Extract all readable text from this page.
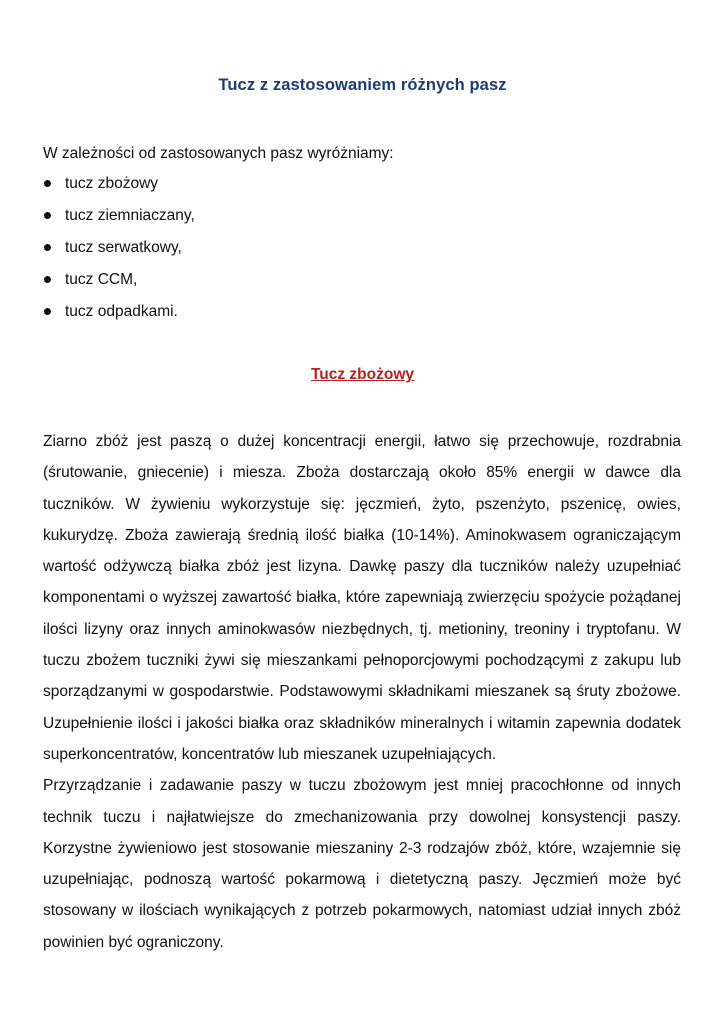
Tucz z zastosowaniem różnych pasz
W zależności od zastosowanych pasz wyróżniamy:
tucz zbożowy
tucz ziemniaczany,
tucz serwatkowy,
tucz CCM,
tucz odpadkami.
Tucz zbożowy

Ziarno zbóż jest paszą o dużej koncentracji energii, łatwo się przechowuje, rozdrabnia (śrutowanie, gniecenie) i miesza. Zboża dostarczają około 85% energii w dawce dla tuczników. W żywieniu wykorzystuje się: jęczmień, żyto, pszenżyto, pszenicę, owies, kukurydzę. Zboża zawierają średnią ilość białka (10-14%). Aminokwasem ograniczającym wartość odżywczą białka zbóż jest lizyna. Dawkę paszy dla tuczników należy uzupełniać komponentami o wyższej zawartość białka, które zapewniają zwierzęciu spożycie pożądanej ilości lizyny oraz innych aminokwasów niezbędnych, tj. metioniny, treoniny i tryptofanu. W tuczu zbożem tuczniki żywi się mieszankami pełnoporcjowymi pochodzącymi z zakupu lub sporządzanymi w gospodarstwie. Podstawowymi składnikami mieszanek są śruty zbożowe. Uzupełnienie ilości i jakości białka oraz składników mineralnych i witamin zapewnia dodatek superkoncentratów, koncentratów lub mieszanek uzupełniających.

Przyrządzanie i zadawanie paszy w tuczu zbożowym jest mniej pracochłonne od innych technik tuczu i najłatwiejsze do zmechanizowania przy dowolnej konsystencji paszy. Korzystne żywieniowo jest stosowanie mieszaniny 2-3 rodzajów zbóż, które, wzajemnie się uzupełniając, podnoszą wartość pokarmową i dietetyczną paszy. Jęczmień może być stosowany w ilościach wynikających z potrzeb pokarmowych, natomiast udział innych zbóż powinien być ograniczony.
